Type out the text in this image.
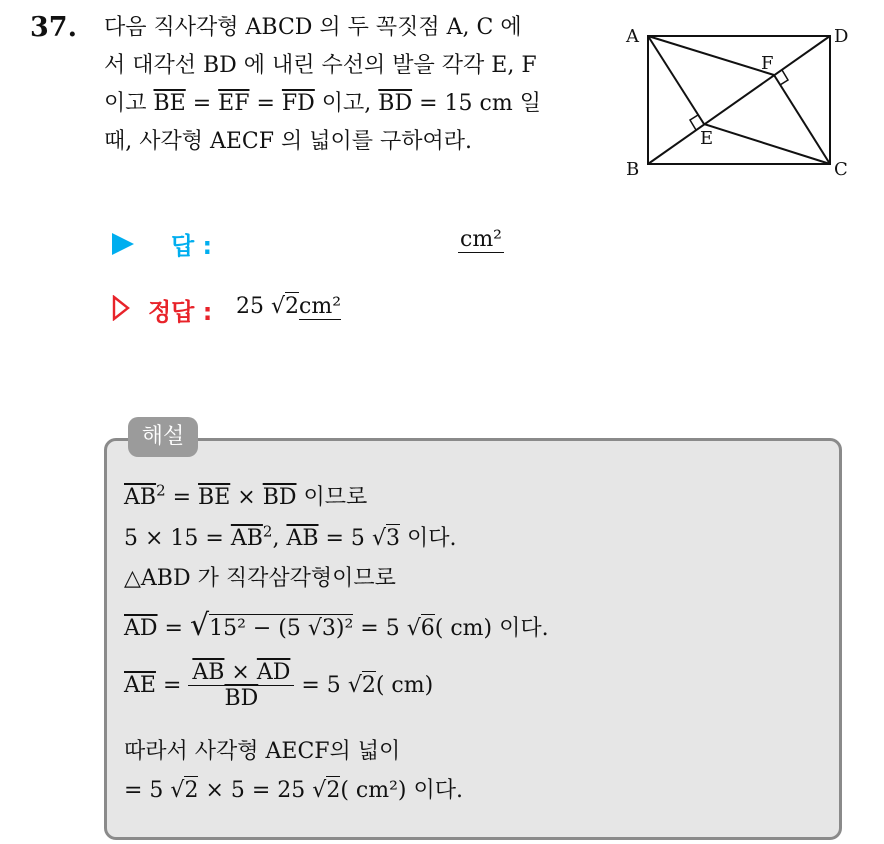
37. 다음 직사각형 ABCD 의 두 꼭짓점 A, C 에
서 대각선 BD 에 내린 수선의 발을 각각 E, F
이고 $\overline{BE} = \overline{EF} = \overline{FD}$ 이고, $\overline{BD} = 15$ cm 일
때, 사각형 AECF 의 넓이를 구하여라.
A	D
B	C
E
F
답 :	cm²
정답 : 25 √2cm²
해설
$\overline{AB}^2 = \overline{BE} \times \overline{BD}$ 이므로
$5 \times 15 = \overline{AB}^2$, $\overline{AB} = 5$ √3 이다.
△ABD 가 직각삼각형이므로
$\overline{AD} = √15^2 - (5$ √3)² = 5 √6( cm) 이다.
$\overline{AE} = \frac{\overline{AB} \times \overline{AD}}{BD} = 5$ √2( cm)
따라서 사각형 AECF의 넓이
= 5 √2 × 5 = 25 √2( cm²) 이다.
